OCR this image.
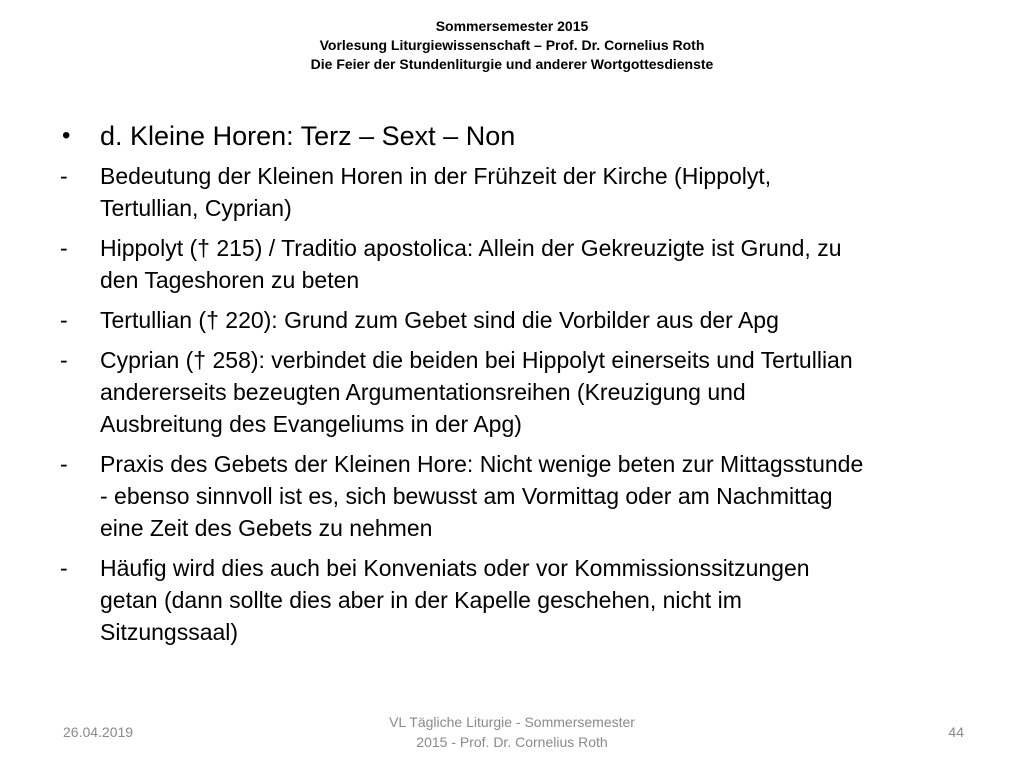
Sommersemester 2015
Vorlesung Liturgiewissenschaft – Prof. Dr. Cornelius Roth
Die Feier der Stundenliturgie und anderer Wortgottesdienste
• d. Kleine Horen: Terz – Sext – Non
- Bedeutung der Kleinen Horen in der Frühzeit der Kirche (Hippolyt,
Tertullian, Cyprian)
- Hippolyt († 215) / Traditio apostolica: Allein der Gekreuzigte ist Grund, zu
den Tageshoren zu beten
- Tertullian († 220): Grund zum Gebet sind die Vorbilder aus der Apg
- Cyprian († 258): verbindet die beiden bei Hippolyt einerseits und Tertullian
andererseits bezeugten Argumentationsreihen (Kreuzigung und
Ausbreitung des Evangeliums in der Apg)
- Praxis des Gebets der Kleinen Hore: Nicht wenige beten zur Mittagsstunde
- ebenso sinnvoll ist es, sich bewusst am Vormittag oder am Nachmittag
eine Zeit des Gebets zu nehmen
- Häufig wird dies auch bei Konveniats oder vor Kommissionssitzungen
getan (dann sollte dies aber in der Kapelle geschehen, nicht im
Sitzungssaal)
26.04.2019
VL Tägliche Liturgie - Sommersemester
2015 - Prof. Dr. Cornelius Roth
44
